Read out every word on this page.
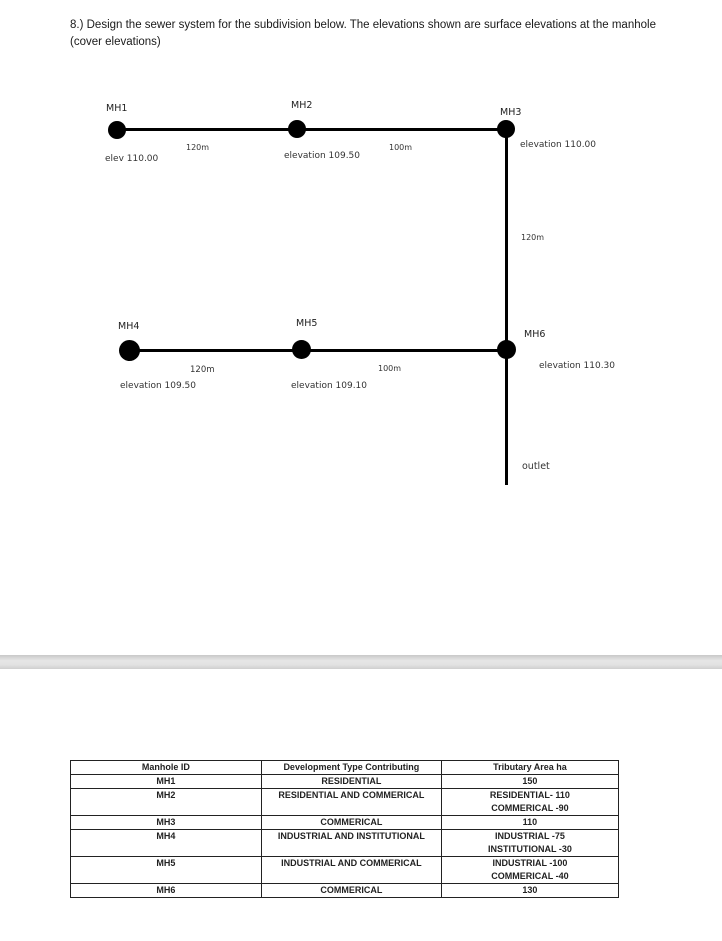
8.) Design the sewer system for the subdivision below. The elevations shown are surface elevations at the manhole (cover elevations)
MH1	MH2
MH3
MH4	MH5
MH6
elev 110.00	elevation 109.50
elevation 110.00
elevation 109.50	elevation 109.10
elevation 110.30
120m	100m
120m
120m	100m
outlet
Manhole ID	Development Type Contributing	Tributary Area ha
MH1	RESIDENTIAL	150

MH2	RESIDENTIAL AND COMMERICAL	RESIDENTIAL- 110
COMMERICAL -90

MH3	COMMERICAL	110

MH4	INDUSTRIAL AND INSTITUTIONAL	INDUSTRIAL -75
INSTITUTIONAL -30

MH5	INDUSTRIAL AND COMMERICAL	INDUSTRIAL -100
COMMERICAL -40

MH6	COMMERICAL	130
